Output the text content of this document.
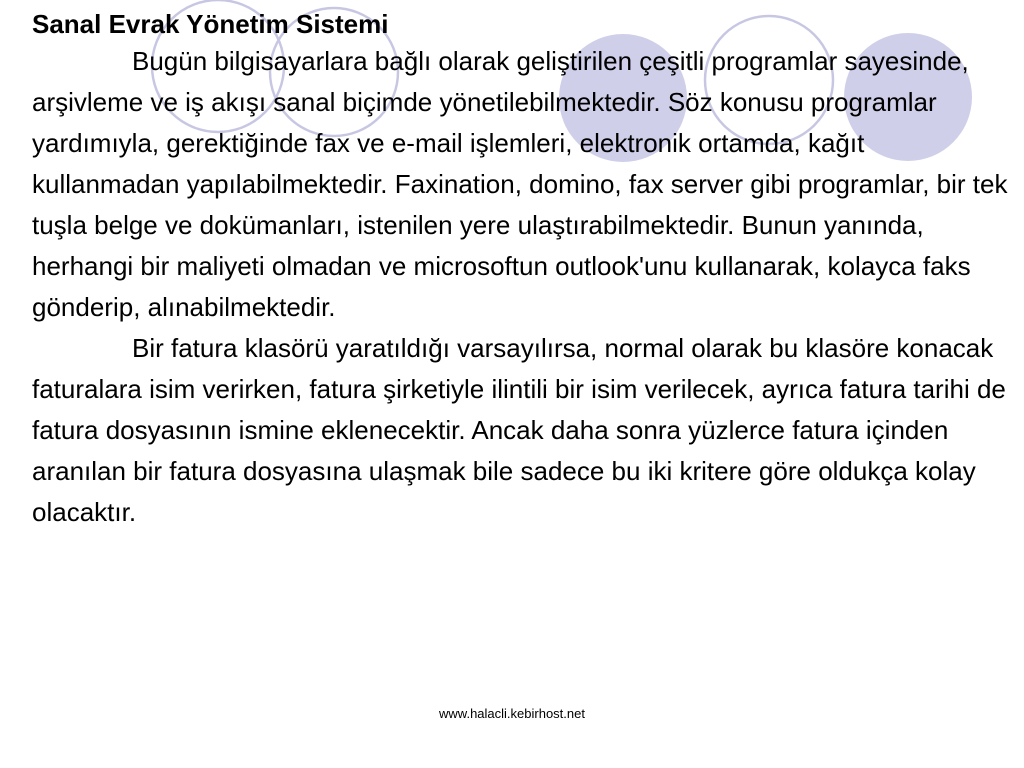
Sanal Evrak Yönetim Sistemi

Bugün bilgisayarlara bağlı olarak geliştirilen çeşitli programlar sayesinde, arşivleme ve iş akışı sanal biçimde yönetilebilmektedir. Söz konusu programlar yardımıyla, gerektiğinde fax ve e-mail işlemleri, elektronik ortamda, kağıt kullanmadan yapılabilmektedir. Faxination, domino, fax server gibi programlar, bir tek tuşla belge ve dokümanları, istenilen yere ulaştırabilmektedir. Bunun yanında, herhangi bir maliyeti olmadan ve microsoftun outlook'unu kullanarak, kolayca faks gönderip, alınabilmektedir.

Bir fatura klasörü yaratıldığı varsayılırsa, normal olarak bu klasöre konacak faturalara isim verirken, fatura şirketiyle ilintili bir isim verilecek, ayrıca fatura tarihi de fatura dosyasının ismine eklenecektir. Ancak daha sonra yüzlerce fatura içinden aranılan bir fatura dosyasına ulaşmak bile sadece bu iki kritere göre oldukça kolay olacaktır.

www.halacli.kebirhost.net
